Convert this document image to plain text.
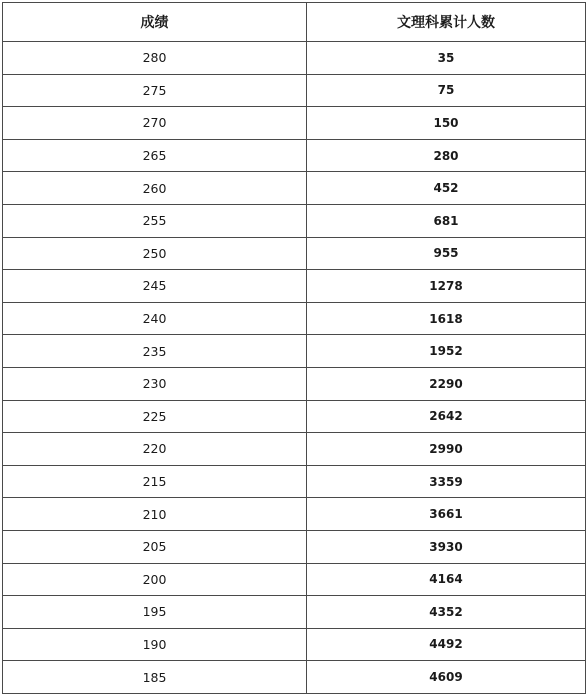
成绩	文理科累计人数
280	35
275	75
270	150
265	280
260	452
255	681
250	955
245	1278
240	1618
235	1952
230	2290
225	2642
220	2990
215	3359
210	3661
205	3930
200	4164
195	4352
190	4492
185	4609
